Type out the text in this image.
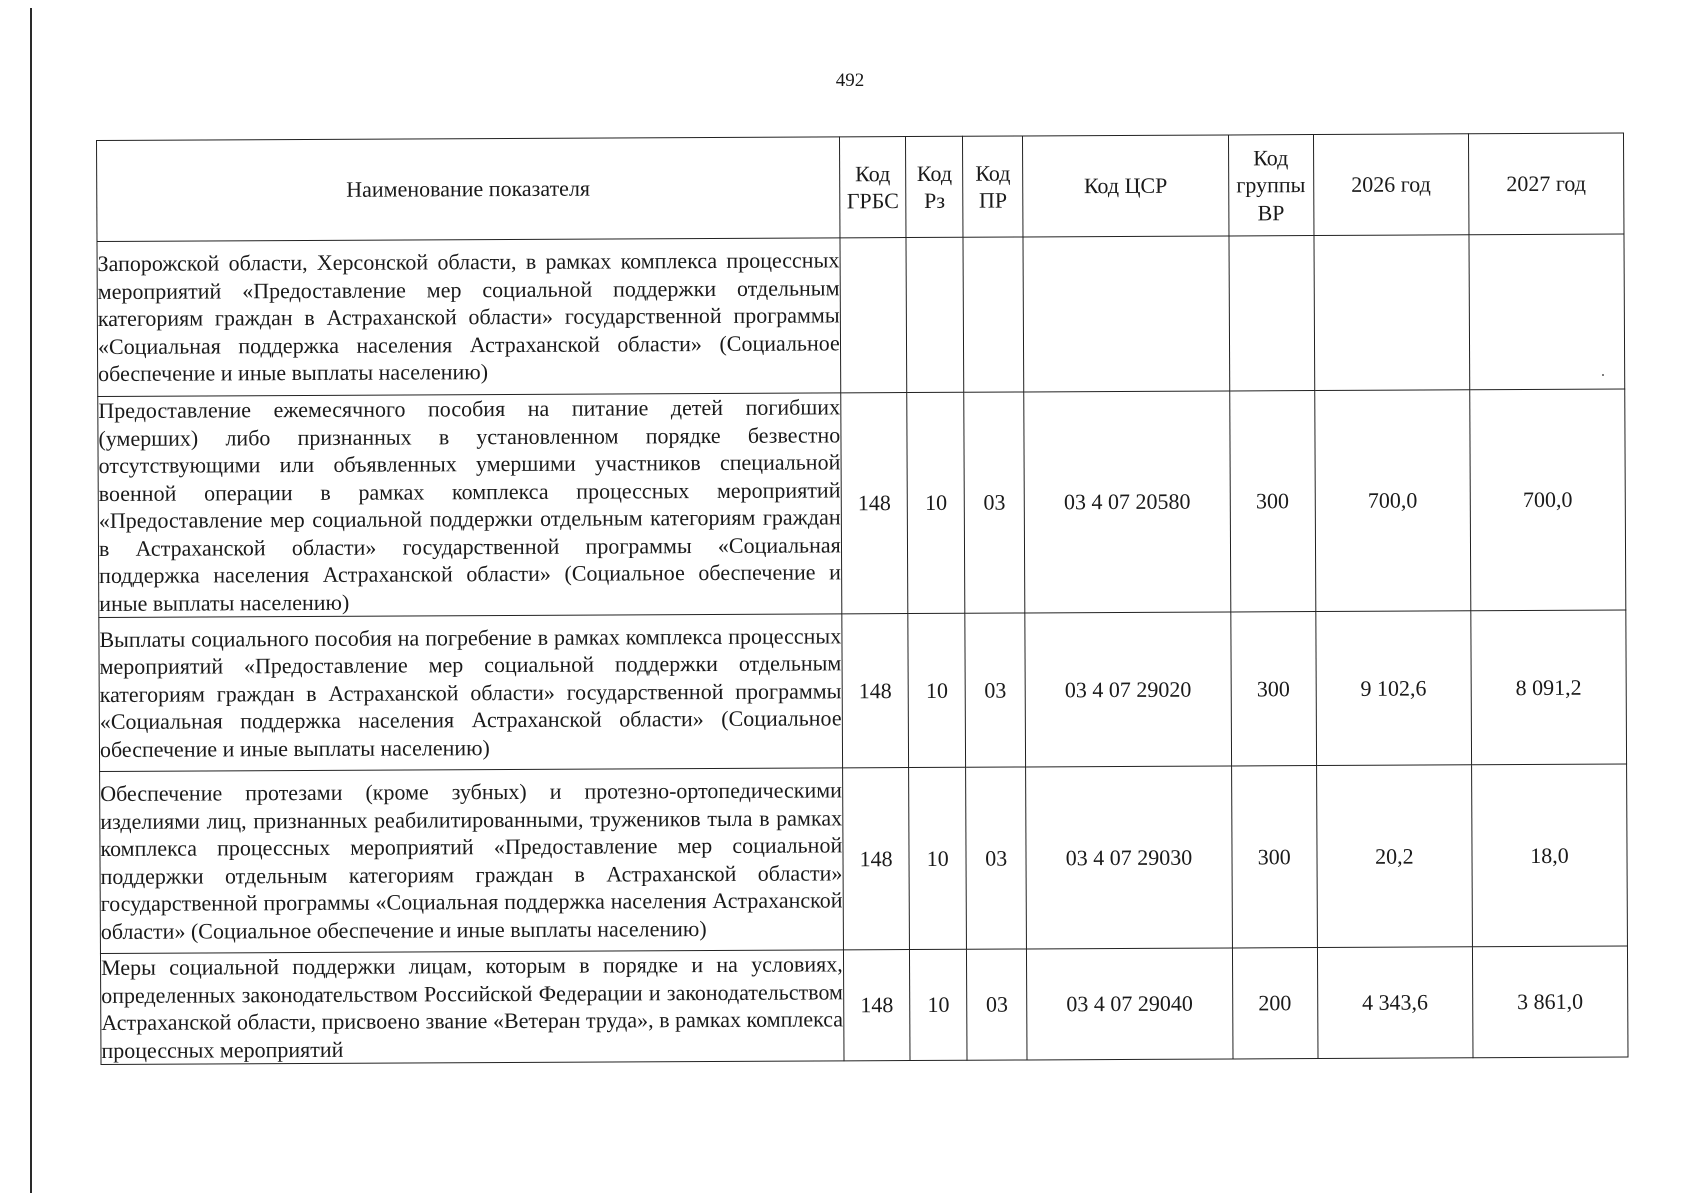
492
Наименование показателя	Код ГРБС	Код Рз	Код ПР	Код ЦСР	Код группы ВР	2026 год	2027 год
Запорожской области, Херсонской области, в рамках комплекса процессных мероприятий «Предоставление мер социальной поддержки отдельным категориям граждан в Астраханской области» государственной программы «Социальная поддержка населения Астраханской области» (Социальное обеспечение и иные выплаты населению)							
Предоставление ежемесячного пособия на питание детей погибших (умерших) либо признанных в установленном порядке безвестно отсутствующими или объявленных умершими участников специальной военной операции в рамках комплекса процессных мероприятий «Предоставление мер социальной поддержки отдельным категориям граждан в Астраханской области» государственной программы «Социальная поддержка населения Астраханской области» (Социальное обеспечение и иные выплаты населению)	148	10	03	03 4 07 20580	300	700,0	700,0
Выплаты социального пособия на погребение в рамках комплекса процессных мероприятий «Предоставление мер социальной поддержки отдельным категориям граждан в Астраханской области» государственной программы «Социальная поддержка населения Астраханской области» (Социальное обеспечение и иные выплаты населению)	148	10	03	03 4 07 29020	300	9 102,6	8 091,2
Обеспечение протезами (кроме зубных) и протезно-ортопедическими изделиями лиц, признанных реабилитированными, тружеников тыла в рамках комплекса процессных мероприятий «Предоставление мер социальной поддержки отдельным категориям граждан в Астраханской области» государственной программы «Социальная поддержка населения Астраханской области» (Социальное обеспечение и иные выплаты населению)	148	10	03	03 4 07 29030	300	20,2	18,0
Меры социальной поддержки лицам, которым в порядке и на условиях, определенных законодательством Российской Федерации и законодательством Астраханской области, присвоено звание «Ветеран труда», в рамках комплекса процессных мероприятий	148	10	03	03 4 07 29040	200	4 343,6	3 861,0
